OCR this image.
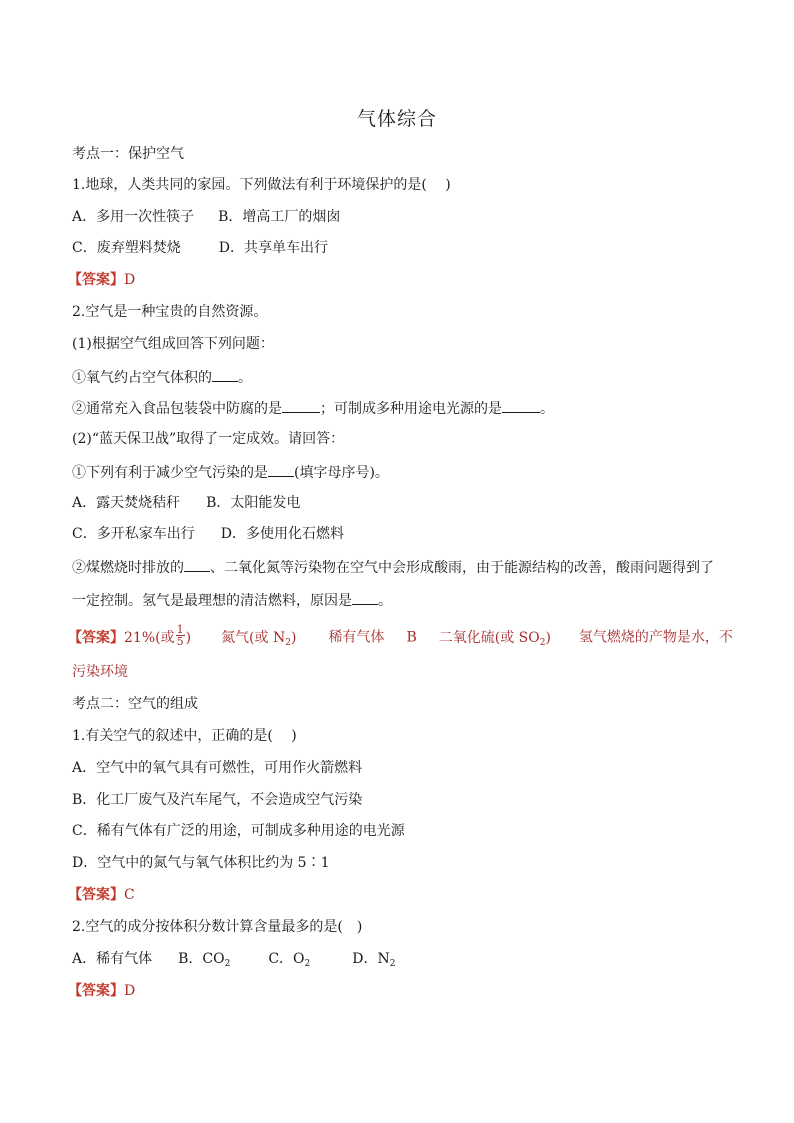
气体综合
考点一：保护空气
1.地球，人类共同的家园。下列做法有利于环境保护的是(　 )
A．多用一次性筷子 B．增高工厂的烟囱
C．废弃塑料焚烧	D．共享单车出行
【答案】D
2.空气是一种宝贵的自然资源。
(1)根据空气组成回答下列问题：
①氧气约占空气体积的 。
②通常充入食品包装袋中防腐的是	；可制成多种用途电光源的是	。
(2)“蓝天保卫战”取得了一定成效。请回答：
①下列有利于减少空气污染的是 (填字母序号)。
A．露天焚烧秸秆 B．太阳能发电
C．多开私家车出行 D．多使用化石燃料
②煤燃烧时排放的 、二氧化氮等污染物在空气中会形成酸雨，由于能源结构的改善，酸雨问题得到了
一定控制。氢气是最理想的清洁燃料，原因是 。
【答案】21%(或 $\frac{1}{5}$ ) 氮气(或 $N_2$) 稀有气体 B 二氧化硫(或 $SO_2$) 氢气燃烧的产物是水，不
污染环境
考点二：空气的组成
1.有关空气的叙述中，正确的是(　 )
A．空气中的氧气具有可燃性，可用作火箭燃料
B．化工厂废气及汽车尾气，不会造成空气污染
C．稀有气体有广泛的用途，可制成多种用途的电光源
D．空气中的氮气与氧气体积比约为 5∶1
【答案】C
2.空气的成分按体积分数计算含量最多的是(　)
A．稀有气体 B．$CO_2$	C．$O_2$	D．$N_2$
【答案】D
